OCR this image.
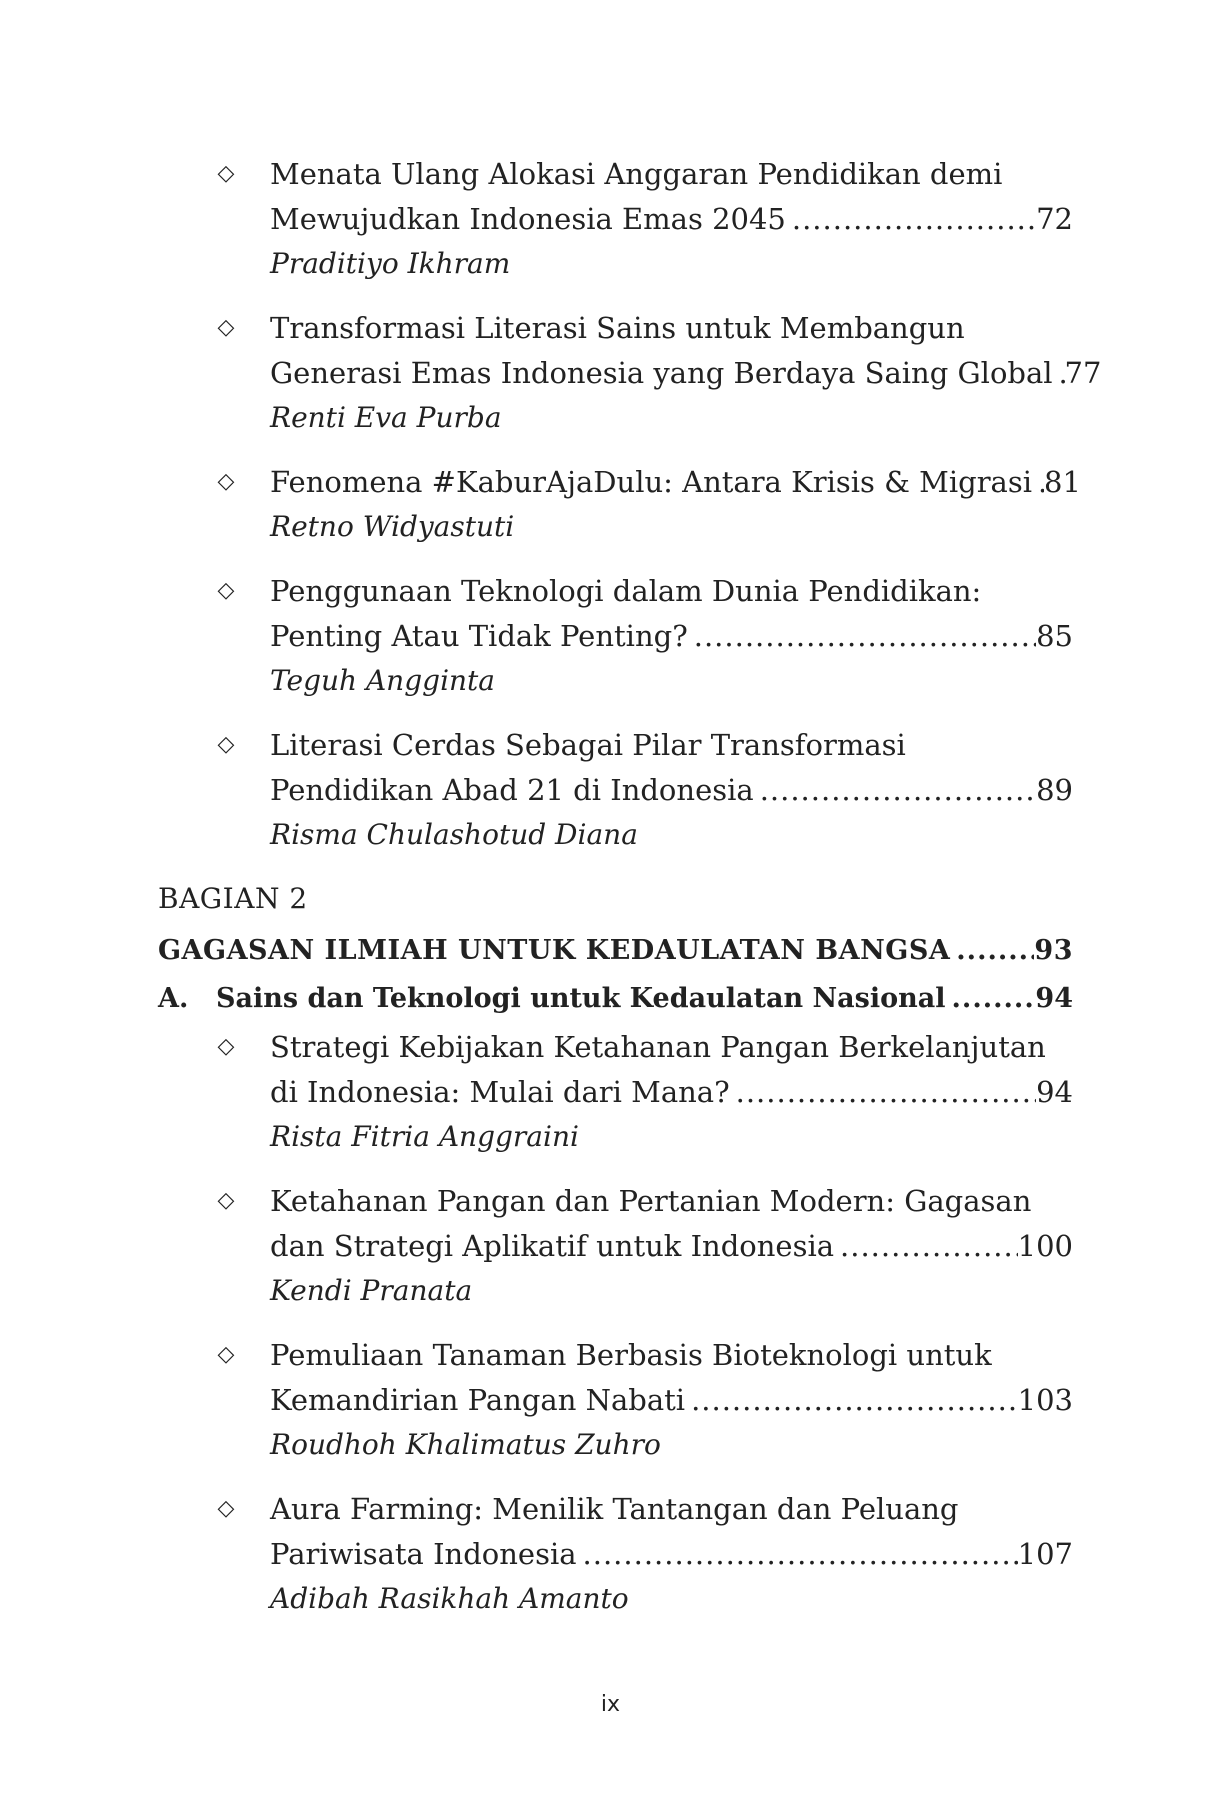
◇ Menata Ulang Alokasi Anggaran Pendidikan demi
Mewujudkan Indonesia Emas 2045 .....	72
Praditiyo Ikhram
◇ Transformasi Literasi Sains untuk Membangun
Generasi Emas Indonesia yang Berdaya Saing Global ..... 77
Renti Eva Purba
◇ Fenomena #KaburAjaDulu: Antara Krisis & Migrasi ..... 81
Retno Widyastuti
◇ Penggunaan Teknologi dalam Dunia Pendidikan:
Penting Atau Tidak Penting? .....	85
Teguh Angginta
◇ Literasi Cerdas Sebagai Pilar Transformasi
Pendidikan Abad 21 di Indonesia .....	89
Risma Chulashotud Diana
BAGIAN 2
GAGASAN ILMIAH UNTUK KEDAULATAN BANGSA .....	93
A. Sains dan Teknologi untuk Kedaulatan Nasional .....	94
◇ Strategi Kebijakan Ketahanan Pangan Berkelanjutan
di Indonesia: Mulai dari Mana? .....	94
Rista Fitria Anggraini
◇ Ketahanan Pangan dan Pertanian Modern: Gagasan
dan Strategi Aplikatif untuk Indonesia .....	100
Kendi Pranata
◇ Pemuliaan Tanaman Berbasis Bioteknologi untuk
Kemandirian Pangan Nabati .....	103
Roudhoh Khalimatus Zuhro
◇ Aura Farming: Menilik Tantangan dan Peluang
Pariwisata Indonesia .....	107
Adibah Rasikhah Amanto
ix
